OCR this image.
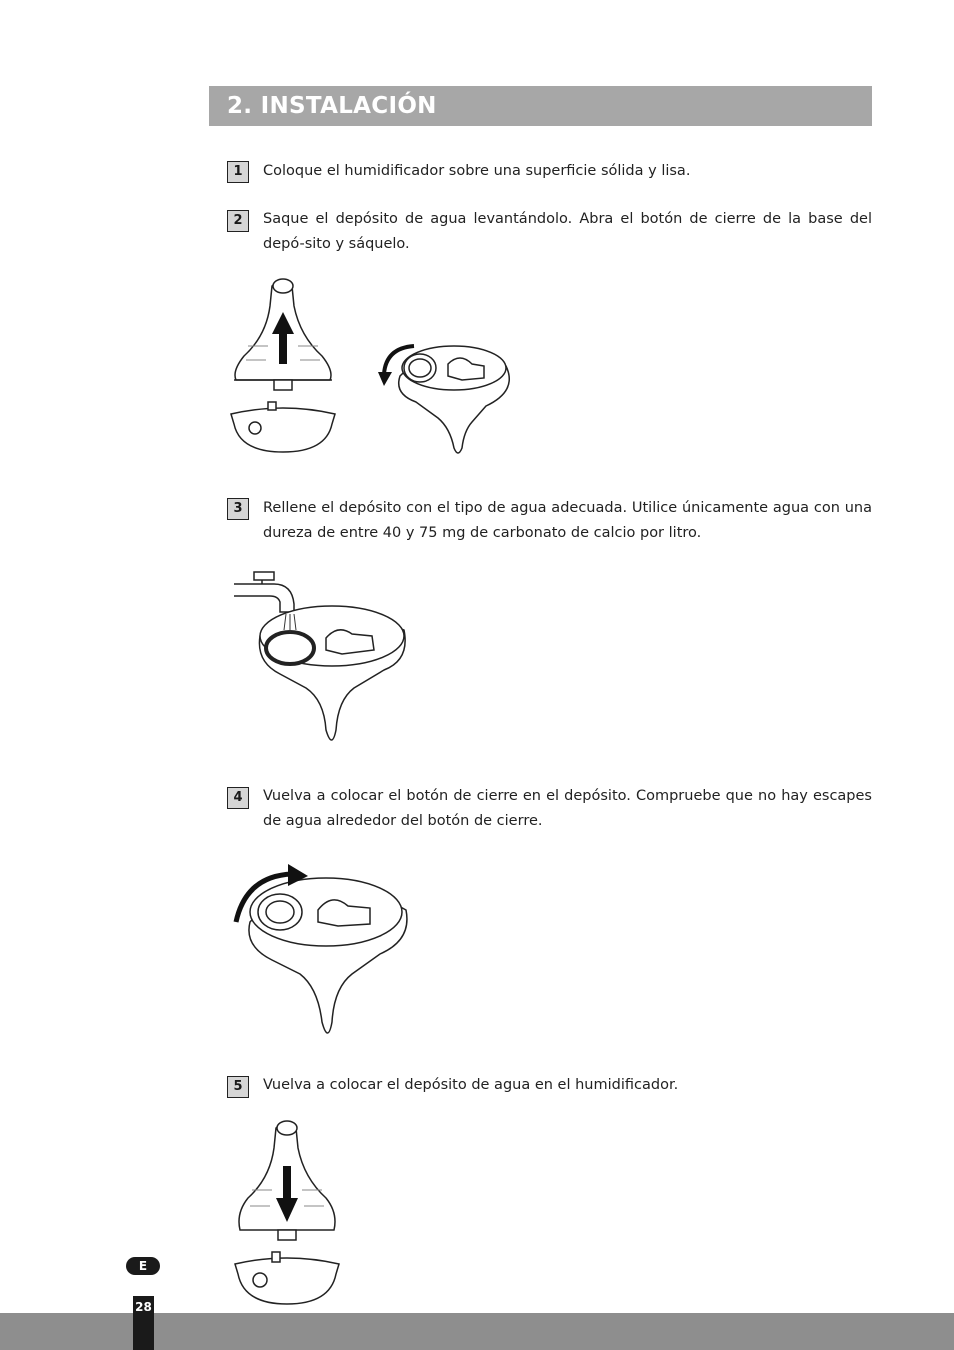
2. INSTALACIÓN
1	Coloque el humidificador sobre una superficie sólida y lisa.
2	Saque el depósito de agua levantándolo. Abra el botón de cierre de la base del depó-sito y sáquelo.
3	Rellene el depósito con el tipo de agua adecuada. Utilice únicamente agua con una dureza de entre 40 y 75 mg de carbonato de calcio por litro.
4	Vuelva a colocar el botón de cierre en el depósito. Compruebe que no hay escapes de agua alrededor del botón de cierre.
5	Vuelva a colocar el depósito de agua en el humidificador.
E
28
